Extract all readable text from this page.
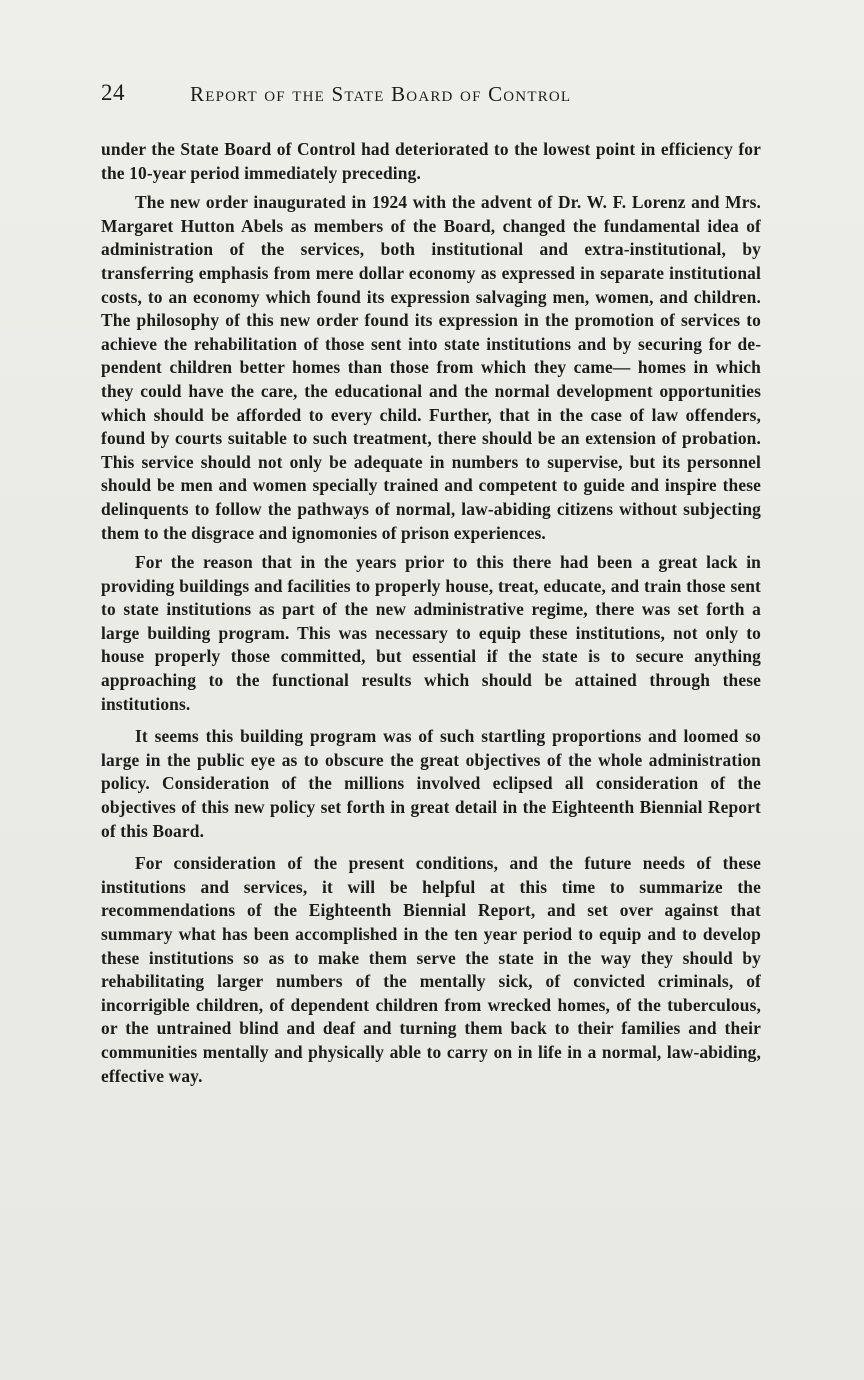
24	Report of the State Board of Control

under the State Board of Control had deteriorated to the lowest point in efficiency for the 10-year period immediately preceding.

The new order inaugurated in 1924 with the advent of Dr. W. F. Lorenz and Mrs. Margaret Hutton Abels as members of the Board, changed the fundamental idea of administration of the services, both institutional and extra-institutional, by transferring emphasis from mere dollar economy as expressed in separate institutional costs, to an economy which found its expression salvaging men, women, and children. The philosophy of this new order found its expression in the promotion of services to achieve the rehabilitation of those sent into state institutions and by securing for dependent children better homes than those from which they came— homes in which they could have the care, the educational and the normal development opportunities which should be afforded to every child. Further, that in the case of law offenders, found by courts suitable to such treatment, there should be an extension of probation. This service should not only be adequate in numbers to supervise, but its personnel should be men and women specially trained and competent to guide and inspire these delinquents to follow the pathways of normal, law-abiding citizens without subjecting them to the disgrace and ignomonies of prison experiences.

For the reason that in the years prior to this there had been a great lack in providing buildings and facilities to properly house, treat, educate, and train those sent to state institutions as part of the new administrative regime, there was set forth a large building program. This was necessary to equip these institutions, not only to house properly those committed, but essential if the state is to secure anything approaching to the functional results which should be attained through these institutions.

It seems this building program was of such startling proportions and loomed so large in the public eye as to obscure the great objectives of the whole administration policy. Consideration of the millions involved eclipsed all consideration of the objectives of this new policy set forth in great detail in the Eighteenth Biennial Report of this Board.

For consideration of the present conditions, and the future needs of these institutions and services, it will be helpful at this time to summarize the recommendations of the Eighteenth Biennial Report, and set over against that summary what has been accomplished in the ten year period to equip and to develop these institutions so as to make them serve the state in the way they should by rehabilitating larger numbers of the mentally sick, of convicted criminals, of incorrigible children, of dependent children from wrecked homes, of the tuberculous, or the untrained blind and deaf and turning them back to their families and their communities mentally and physically able to carry on in life in a normal, law-abiding, effective way.
